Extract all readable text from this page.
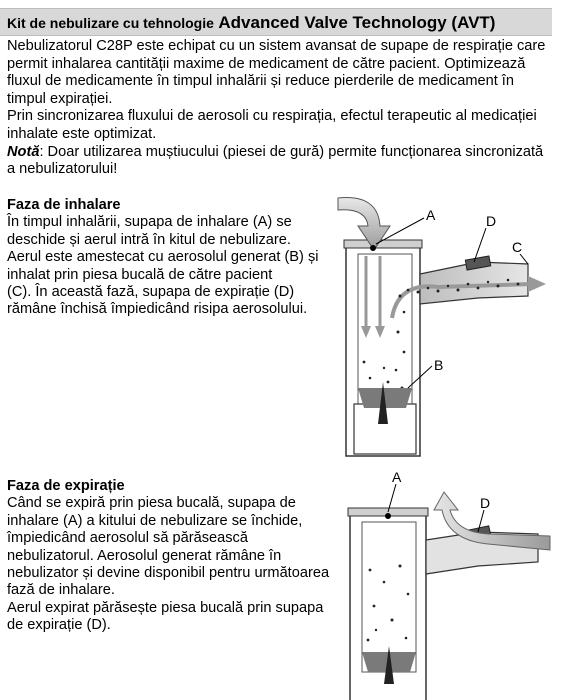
Kit de nebulizare cu tehnologie Advanced Valve Technology (AVT)

Nebulizatorul C28P este echipat cu un sistem avansat de supape de respirație care permit inhalarea cantității maxime de medicament de către pacient. Optimizează fluxul de medicamente în timpul inhalării și reduce pierderile de medicament în timpul expirației.

Prin sincronizarea fluxului de aerosoli cu respirația, efectul terapeutic al medicației inhalate este optimizat.

Notă: Doar utilizarea muștiucului (piesei de gură) permite funcționarea sincronizată a nebulizatorului!

Faza de inhalare

În timpul inhalării, supapa de inhalare (A) se deschide și aerul intră în kitul de nebulizare.

Aerul este amestecat cu aerosolul generat (B) și inhalat prin piesa bucală de către pacient

(C). În această fază, supapa de expirație (D) rămâne închisă împiedicând risipa aerosolului.

A	D
C
B
Faza de expirație

Când se expiră prin piesa bucală, supapa de inhalare (A) a kitului de nebulizare se închide, împiedicând aerosolul să părăsească nebulizatorul. Aerosolul generat rămâne în nebulizator și devine disponibil pentru următoarea fază de inhalare.

Aerul expirat părăsește piesa bucală prin supapa de expirație (D).

A
D
